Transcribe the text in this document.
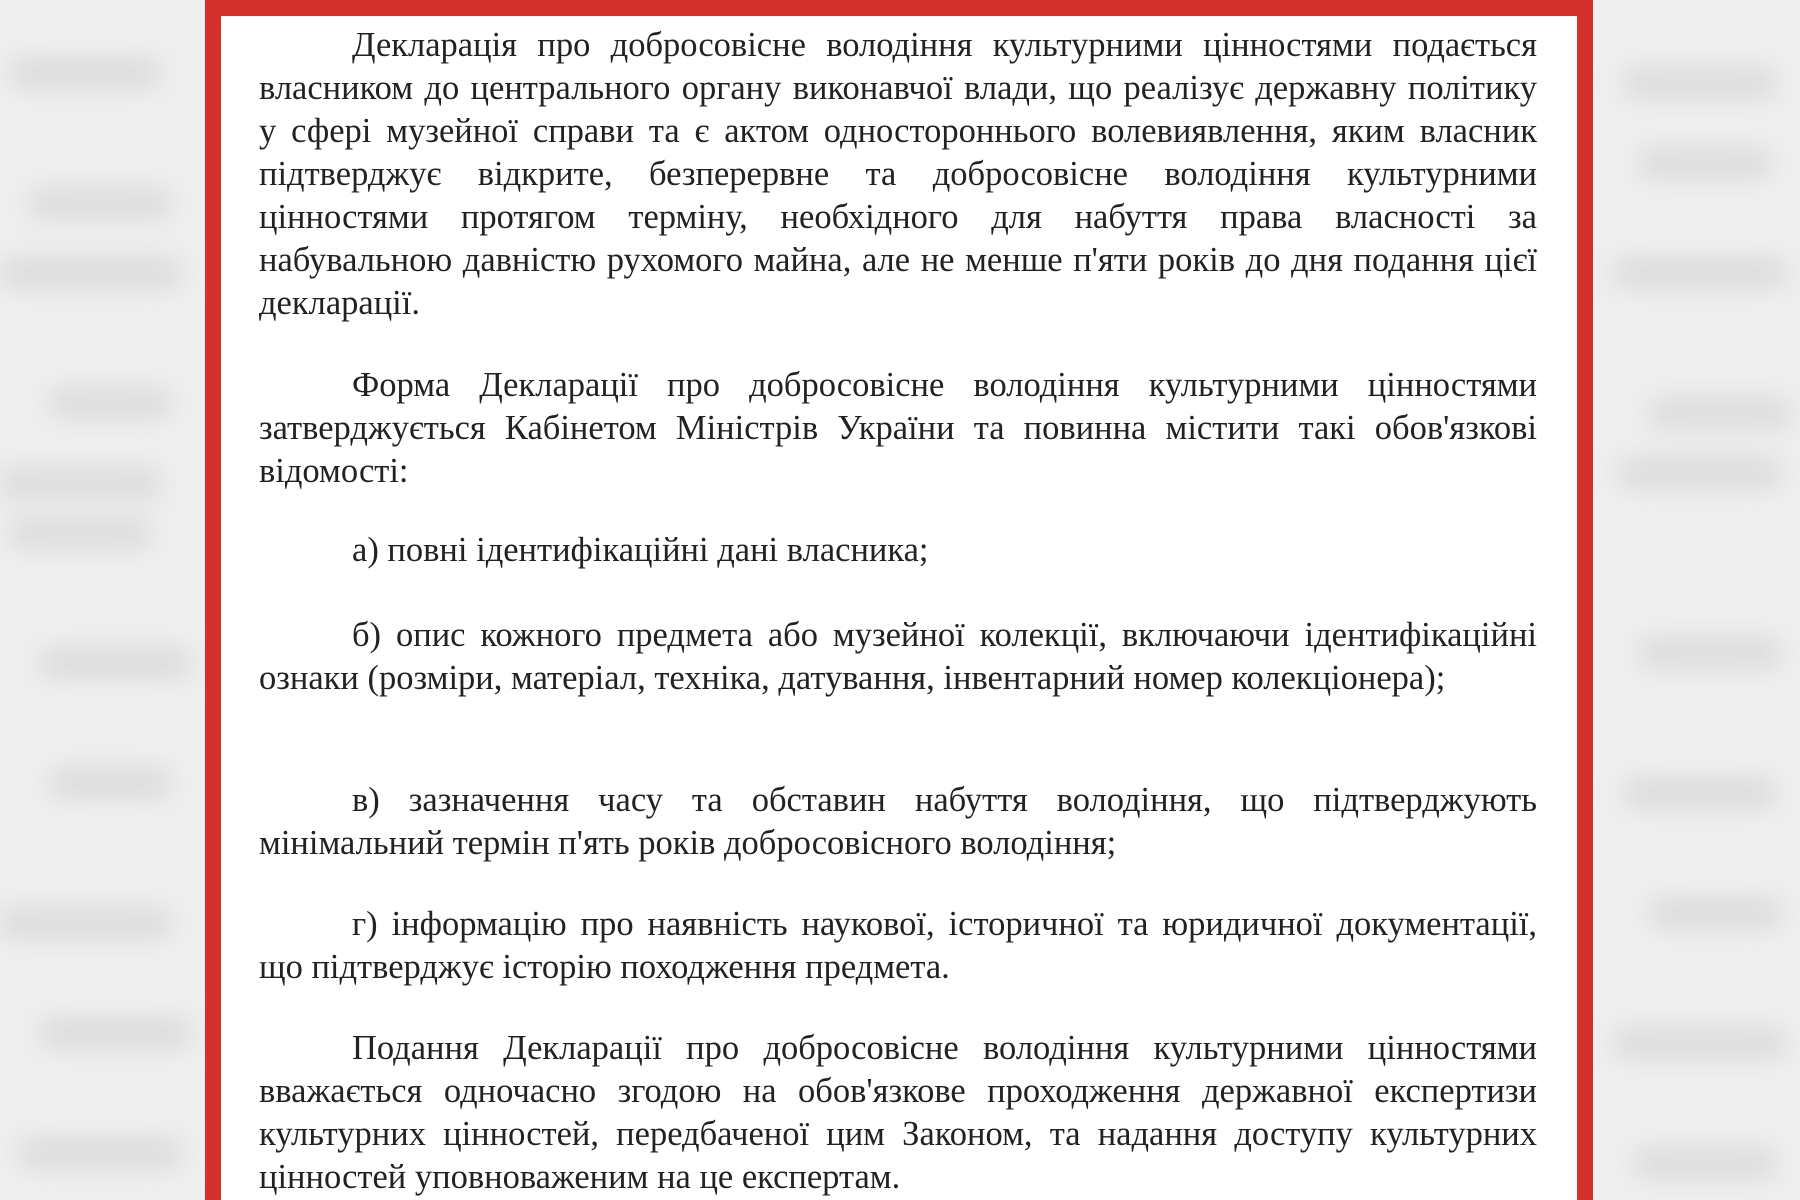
Декларація про добросовісне володіння культурними цінностями подається власником до центрального органу виконавчої влади, що реалізує державну політику у сфері музейної справи та є актом одностороннього волевиявлення, яким власник підтверджує відкрите, безперервне та добросовісне володіння культурними цінностями протягом терміну, необхідного для набуття права власності за набувальною давністю рухомого майна, але не менше п'яти років до дня подання цієї декларації.

Форма Декларації про добросовісне володіння культурними цінностями затверджується Кабінетом Міністрів України та повинна містити такі обов'язкові відомості:

а) повні ідентифікаційні дані власника;

б) опис кожного предмета або музейної колекції, включаючи ідентифікаційні ознаки (розміри, матеріал, техніка, датування, інвентарний номер колекціонера);

в) зазначення часу та обставин набуття володіння, що підтверджують мінімальний термін п'ять років добросовісного володіння;

г) інформацію про наявність наукової, історичної та юридичної документації, що підтверджує історію походження предмета.

Подання Декларації про добросовісне володіння культурними цінностями вважається одночасно згодою на обов'язкове проходження державної експертизи культурних цінностей, передбаченої цим Законом, та надання доступу культурних цінностей уповноваженим на це експертам.
